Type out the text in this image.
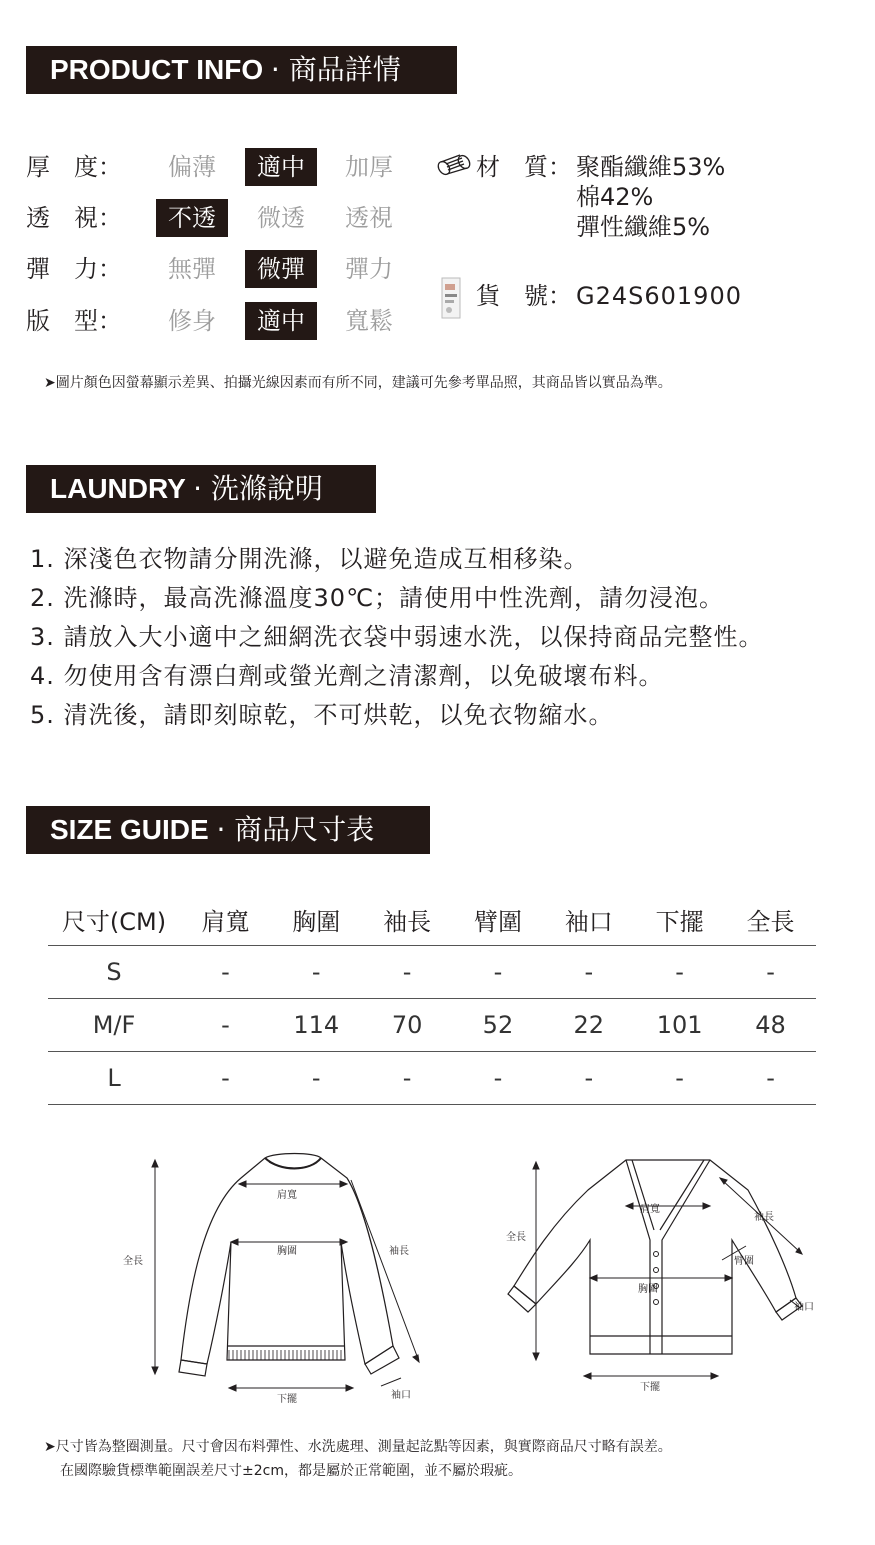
PRODUCT INFO · 商品詳情
厚　度：	偏薄	適中	加厚
透　視：	不透	微透	透視
彈　力：	無彈	微彈	彈力
版　型：	修身	適中	寬鬆
材　質： 聚酯纖維53%
棉42%
彈性纖維5%
貨　號： G24S601900
➤圖片顏色因螢幕顯示差異、拍攝光線因素而有所不同，建議可先參考單品照，其商品皆以實品為準。
LAUNDRY · 洗滌說明
1. 深淺色衣物請分開洗滌，以避免造成互相移染。
2. 洗滌時，最高洗滌溫度30℃；請使用中性洗劑，請勿浸泡。
3. 請放入大小適中之細網洗衣袋中弱速水洗，以保持商品完整性。
4. 勿使用含有漂白劑或螢光劑之清潔劑，以免破壞布料。
5. 清洗後，請即刻晾乾，不可烘乾，以免衣物縮水。
SIZE GUIDE · 商品尺寸表
尺寸(CM)	肩寬	胸圍	袖長	臂圍	袖口	下擺	全長
S	-	-	-	-	-	-	-
M/F	-	114	70	52	22	101	48
L	-	-	-	-	-	-	-
肩寬
胸圍	袖長
全長
下擺	袖口
肩寬
胸圍
袖長
臂圍
全長
下擺
袖口
➤尺寸皆為整圈測量。尺寸會因布料彈性、水洗處理、測量起訖點等因素，與實際商品尺寸略有誤差。
在國際驗貨標準範圍誤差尺寸±2cm，都是屬於正常範圍，並不屬於瑕疵。
